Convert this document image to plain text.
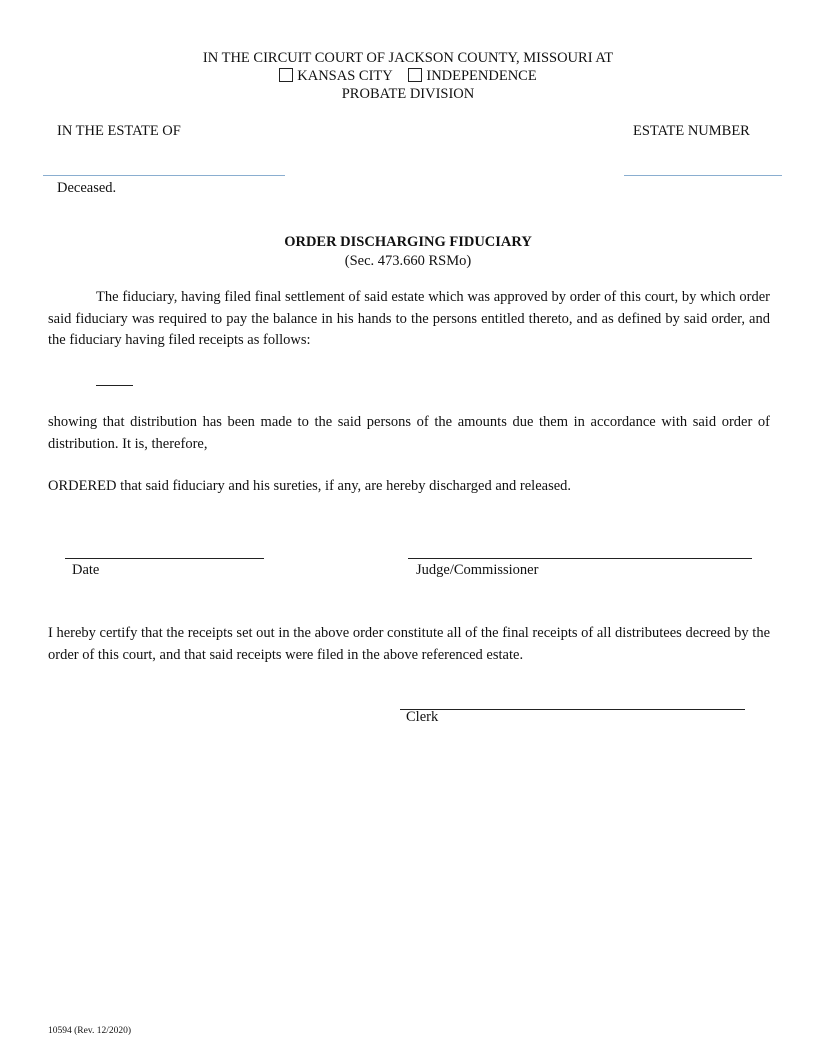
IN THE CIRCUIT COURT OF JACKSON COUNTY, MISSOURI AT
KANSAS CITY INDEPENDENCE
PROBATE DIVISION
IN THE ESTATE OF	ESTATE NUMBER
Deceased.
ORDER DISCHARGING FIDUCIARY
(Sec. 473.660 RSMo)
The fiduciary, having filed final settlement of said estate which was approved by order of this court, by which order said fiduciary was required to pay the balance in his hands to the persons entitled thereto, and as defined by said order, and the fiduciary having filed receipts as follows:
showing that distribution has been made to the said persons of the amounts due them in accordance with said order of distribution. It is, therefore,
ORDERED that said fiduciary and his sureties, if any, are hereby discharged and released.
Date	Judge/Commissioner
I hereby certify that the receipts set out in the above order constitute all of the final receipts of all distributees decreed by the order of this court, and that said receipts were filed in the above referenced estate.
Clerk
10594 (Rev. 12/2020)
